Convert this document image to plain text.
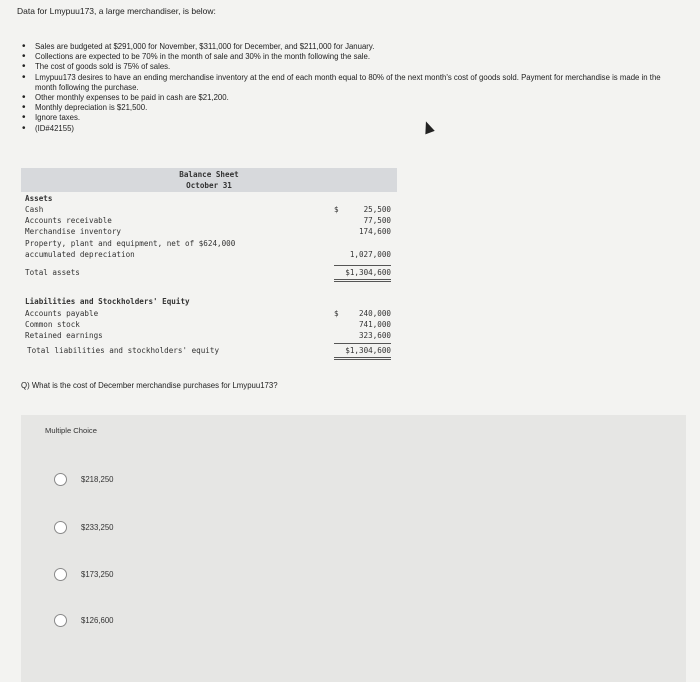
Data for Lmypuu173, a large merchandiser, is below:
• Sales are budgeted at $291,000 for November, $311,000 for December, and $211,000 for January.
• Collections are expected to be 70% in the month of sale and 30% in the month following the sale.
• The cost of goods sold is 75% of sales.
• Lmypuu173 desires to have an ending merchandise inventory at the end of each month equal to 80% of the next month's cost of goods sold. Payment for merchandise is made in the month following the purchase.
• Other monthly expenses to be paid in cash are $21,200.
• Monthly depreciation is $21,500.
• Ignore taxes.
• (ID#42155)
Balance Sheet
October 31
Assets
Cash	$	25,500
Accounts receivable	77,500
Merchandise inventory	174,600
Property, plant and equipment, net of $624,000
accumulated depreciation	1,027,000
Total assets	$1,304,600
Liabilities and Stockholders' Equity
Accounts payable	$	240,000
Common stock	741,000
Retained earnings	323,600
Total liabilities and stockholders' equity	$1,304,600
Q) What is the cost of December merchandise purchases for Lmypuu173?
Multiple Choice
$218,250
$233,250
$173,250
$126,600
